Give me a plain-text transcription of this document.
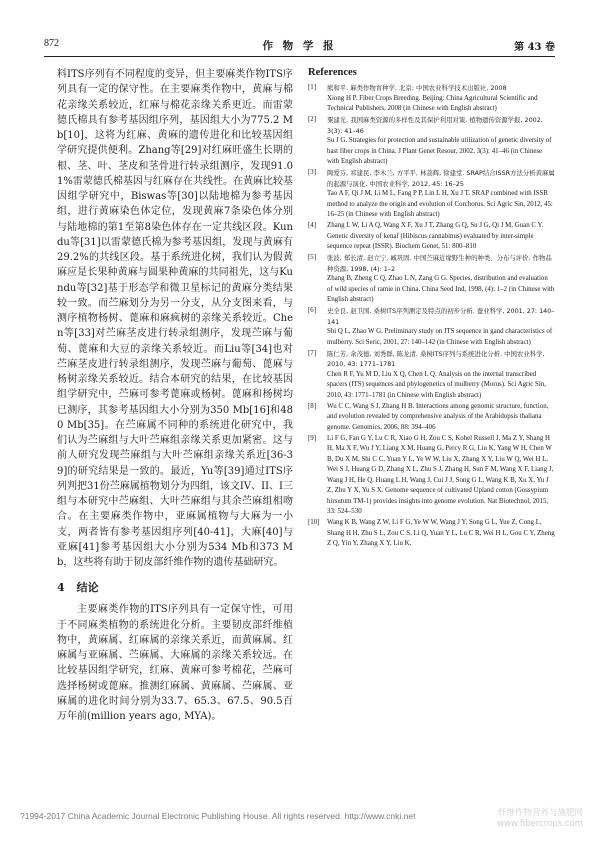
872	作 物 学 报	第 43 卷

料ITS序列有不同程度的变异，但主要麻类作物ITS序列具有一定的保守性。在主要麻类作物中，黄麻与棉花亲缘关系较近，红麻与棉花亲缘关系更近。而雷蒙德氏棉具有参考基因组序列，基因组大小为775.2 Mb[10]，这将为红麻、黄麻的遗传进化和比较基因组学研究提供便利。Zhang等[29]对红麻旺盛生长期的根、茎、叶、茎皮和茎骨进行转录组测序，发现91.01%雷蒙德氏棉基因与红麻存在共线性。在黄麻比较基因组学研究中，Biswas等[30]以陆地棉为参考基因组，进行黄麻染色体定位，发现黄麻7条染色体分别与陆地棉的第1至第8染色体存在一定共线区段。Kundu等[31]以雷蒙德氏棉为参考基因组，发现与黄麻有29.2%的共线区段。基于系统进化树，我们认为假黄麻应是长果种黄麻与圆果种黄麻的共同祖先，这与Kundu等[32]基于形态学和微卫星标记的黄麻分类结果较一致。而苎麻划分为另一分支，从分支图来看，与测序植物杨树、蓖麻和麻疯树的亲缘关系较近。Chen等[33]对苎麻茎皮进行转录组测序，发现苎麻与葡萄、蓖麻和大豆的亲缘关系较近。而Liu等[34]也对苎麻茎皮进行转录组测序，发现苎麻与葡萄、蓖麻与杨树亲缘关系较近。结合本研究的结果，在比较基因组学研究中，苎麻可参考蓖麻或杨树。蓖麻和杨树均已测序，其参考基因组大小分别为350 Mb[16]和480 Mb[35]。在苎麻属不同种的系统进化研究中，我们认为苎麻组与大叶苎麻组亲缘关系更加紧密。这与前人研究发现苎麻组与大叶苎麻组亲缘关系近[36-39]的研究结果是一致的。最近，Yu等[39]通过ITS序列判把31份苎麻属植物划分为四组，该文IV、II、I三组与本研究中苎麻组、大叶苎麻组与其余苎麻组相吻合。在主要麻类作物中，亚麻属植物与大麻为一小支，两者皆有参考基因组序列[40-41]，大麻[40]与亚麻[41]参考基因组大小分别为534 Mb和373 Mb，这些将有助于韧皮部纤维作物的遗传基础研究。

4 结论

主要麻类作物的ITS序列具有一定保守性，可用于不同麻类植物的系统进化分析。主要韧皮部纤维植物中，黄麻属、红麻属的亲缘关系近，而黄麻属、红麻属与亚麻属、苎麻属、大麻属的亲缘关系较远。在比较基因组学研究，红麻、黄麻可参考棉花，苎麻可选择杨树或蓖麻。推测红麻属、黄麻属、苎麻属、亚麻属的进化时间分别为33.7、65.3、67.5、90.5百万年前(million years ago, MYA)。

References
[1]	熊和平. 麻类作物育种学. 北京: 中国农业科学技术出版社, 2008
Xiong H P. Fiber Crops Breeding. Beijing: China Agricultural Scientific and Technical Publishers, 2008 (in Chinese with English abstract)
[2]	粟建光. 我国麻类资源的多样性及其保护利用对策. 植物遗传资源学报, 2002, 3(3): 41–46
Su J G. Strategies for protection and sustainable utilization of genetic diversity of bast fiber crops in China. J Plant Genet Resour, 2002, 3(3): 41–46 (in Chinese with English abstract)
[3]	陶爱芬, 祁建民, 李木兰, 方平平, 林荔辉, 徐建堂. SRAP结合ISSR方法分析黄麻属的起源与演化. 中国农业科学, 2012, 45: 16–25
Tao A F, Qi J M, Li M L, Fang P P, Lin L H, Xu J T. SRAP combined with ISSR method to analyze the origin and evolution of Corchorus. Sci Agric Sin, 2012, 45: 16–25 (in Chinese with English abstract)
[4]	Zhang L W, Li A Q, Wang X F, Xu J T, Zhang G Q, Su J G, Qi J M, Guan C Y. Genetic diversity of kenaf (Hibiscus cannabinus) evaluated by inter-simple sequence repeat (ISSR). Biochem Genet, 51: 800–810
[5]	张波, 郑长清, 赵立宁, 臧巩固. 中国苎麻近缘野生种的种类、分布与评价. 作物品种资源, 1998, (4): 1–2
Zhang B, Zheng C Q, Zhao L N, Zang G G. Species, distribution and evaluation of wild species of ramie in China. China Seed Ind, 1998, (4): 1–2 (in Chinese with English abstract)
[6]	史全良, 赵卫国. 桑树ITS序列测定及特点的初步分析. 蚕业科学, 2001, 27: 140–141
Shi Q L, Zhao W G. Preliminary study on ITS sequence in gand characteristics of mulberry. Sci Seric, 2001, 27: 140–142 (in Chinese with English abstract)
[7]	陈仁芳, 余茂德, 刘秀群, 陈龙清. 桑树ITS序列与系统进化分析. 中国农业科学, 2010, 43: 1771–1781
Chen R F, Yu M D, Liu X Q, Chen L Q. Analysis on the internal transcribed spacers (ITS) sequences and phylogenetics of mulberry (Morus). Sci Agric Sin, 2010, 43: 1771–1781 (in Chinese with English abstract)
[8]	Wu C C, Wang S J, Zhang H B. Interactions among genomic structure, function, and evolution revealed by comprehensive analysis of the Arabidopsis thaliana genome. Genomics, 2006, 88: 394–406
[9]	Li F G, Fan G Y, Lu C R, Xiao G H, Zou C S, Kohel Russell J, Ma Z Y, Shang H H, Ma X F, Wu J Y, Liang X M, Huang G, Percy R G, Liu K, Yang W H, Chen W B, Du X M, Shi C C, Yuan Y L, Ye W W, Liu X, Zhang X Y, Liu W Q, Wei H L, Wei S J, Huang G D, Zhang X L, Zhu S J, Zhang H, Sun F M, Wang X F, Liang J, Wang J H, He Q, Huang L H, Wang J, Cui J J, Song G L, Wang K B, Xu X, Yu J Z, Zhu Y X, Yu S X. Genome sequence of cultivated Upland cotton (Gossypium hirsutum TM-1) provides insights into genome evolution. Nat Biotechnol, 2015, 33: 524–530
[10]	Wang K B, Wang Z W, Li F G, Ye W W, Wang J Y, Song G L, Yue Z, Cong L, Shang H H, Zhu S L, Zou C S, Li Q, Yuan Y L, Lu C R, Wei H L, Gou C Y, Zheng Z Q, Yin Y, Zhang X Y, Liu K,
?1994-2017 China Academic Journal Electronic Publishing House. All rights reserved. http://www.cnki.net	纤维作物营养与施肥网
www.fibercrops.com
